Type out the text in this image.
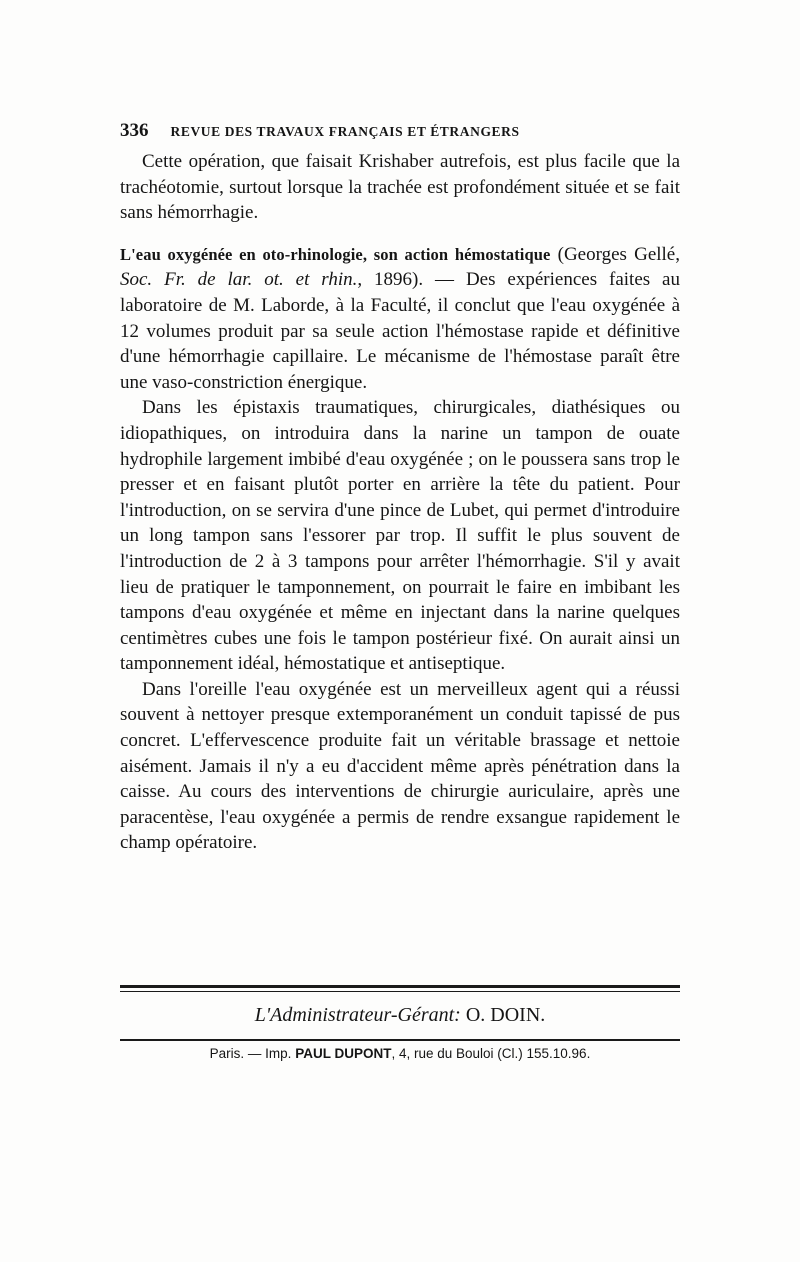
336 REVUE DES TRAVAUX FRANÇAIS ET ÉTRANGERS

Cette opération, que faisait Krishaber autrefois, est plus facile que la trachéotomie, surtout lorsque la trachée est profondément située et se fait sans hémorrhagie.

L'eau oxygénée en oto-rhinologie, son action hémostatique (Georges Gellé, Soc. Fr. de lar. ot. et rhin., 1896). — Des expériences faites au laboratoire de M. Laborde, à la Faculté, il conclut que l'eau oxygénée à 12 volumes produit par sa seule action l'hémostase rapide et définitive d'une hémorrhagie capillaire. Le mécanisme de l'hémostase paraît être une vaso-constriction énergique.

Dans les épistaxis traumatiques, chirurgicales, diathésiques ou idiopathiques, on introduira dans la narine un tampon de ouate hydrophile largement imbibé d'eau oxygénée ; on le poussera sans trop le presser et en faisant plutôt porter en arrière la tête du patient. Pour l'introduction, on se servira d'une pince de Lubet, qui permet d'introduire un long tampon sans l'essorer par trop. Il suffit le plus souvent de l'introduction de 2 à 3 tampons pour arrêter l'hémorrhagie. S'il y avait lieu de pratiquer le tamponnement, on pourrait le faire en imbibant les tampons d'eau oxygénée et même en injectant dans la narine quelques centimètres cubes une fois le tampon postérieur fixé. On aurait ainsi un tamponnement idéal, hémostatique et antiseptique.

Dans l'oreille l'eau oxygénée est un merveilleux agent qui a réussi souvent à nettoyer presque extemporanément un conduit tapissé de pus concret. L'effervescence produite fait un véritable brassage et nettoie aisément. Jamais il n'y a eu d'accident même après pénétration dans la caisse. Au cours des interventions de chirurgie auriculaire, après une paracentèse, l'eau oxygénée a permis de rendre exsangue rapidement le champ opératoire.

L'Administrateur-Gérant: O. DOIN.
Paris. — Imp. PAUL DUPONT, 4, rue du Bouloi (Cl.) 155.10.96.
